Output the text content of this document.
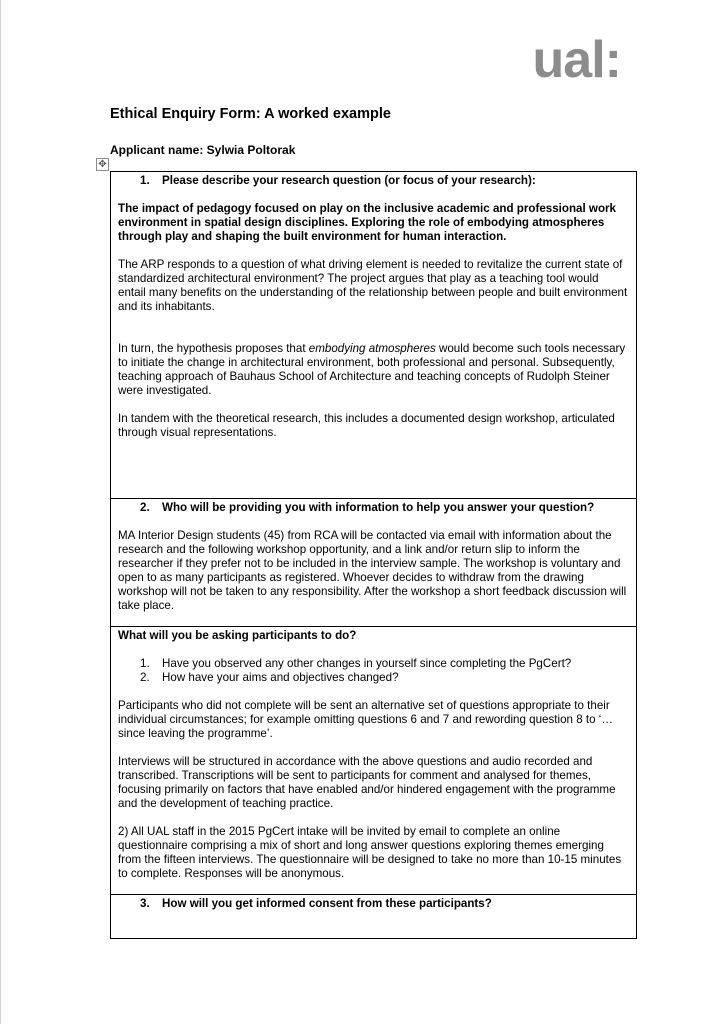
ual:
Ethical Enquiry Form: A worked example
Applicant name: Sylwia Poltorak
✥

1. Please describe your research question (or focus of your research):

The impact of pedagogy focused on play on the inclusive academic and professional work environment in spatial design disciplines. Exploring the role of embodying atmospheres through play and shaping the built environment for human interaction.

The ARP responds to a question of what driving element is needed to revitalize the current state of standardized architectural environment? The project argues that play as a teaching tool would entail many benefits on the understanding of the relationship between people and built environment and its inhabitants.

In turn, the hypothesis proposes that embodying atmospheres would become such tools necessary to initiate the change in architectural environment, both professional and personal. Subsequently, teaching approach of Bauhaus School of Architecture and teaching concepts of Rudolph Steiner were investigated.

In tandem with the theoretical research, this includes a documented design workshop, articulated through visual representations.

2. Who will be providing you with information to help you answer your question?

MA Interior Design students (45) from RCA will be contacted via email with information about the research and the following workshop opportunity, and a link and/or return slip to inform the researcher if they prefer not to be included in the interview sample. The workshop is voluntary and open to as many participants as registered. Whoever decides to withdraw from the drawing workshop will not be taken to any responsibility. After the workshop a short feedback discussion will take place.

What will you be asking participants to do?

1. Have you observed any other changes in yourself since completing the PgCert?
2. How have your aims and objectives changed?

Participants who did not complete will be sent an alternative set of questions appropriate to their individual circumstances; for example omitting questions 6 and 7 and rewording question 8 to ‘…since leaving the programme’.

Interviews will be structured in accordance with the above questions and audio recorded and transcribed. Transcriptions will be sent to participants for comment and analysed for themes, focusing primarily on factors that have enabled and/or hindered engagement with the programme and the development of teaching practice.

2) All UAL staff in the 2015 PgCert intake will be invited by email to complete an online questionnaire comprising a mix of short and long answer questions exploring themes emerging from the fifteen interviews. The questionnaire will be designed to take no more than 10-15 minutes to complete. Responses will be anonymous.

3. How will you get informed consent from these participants?
